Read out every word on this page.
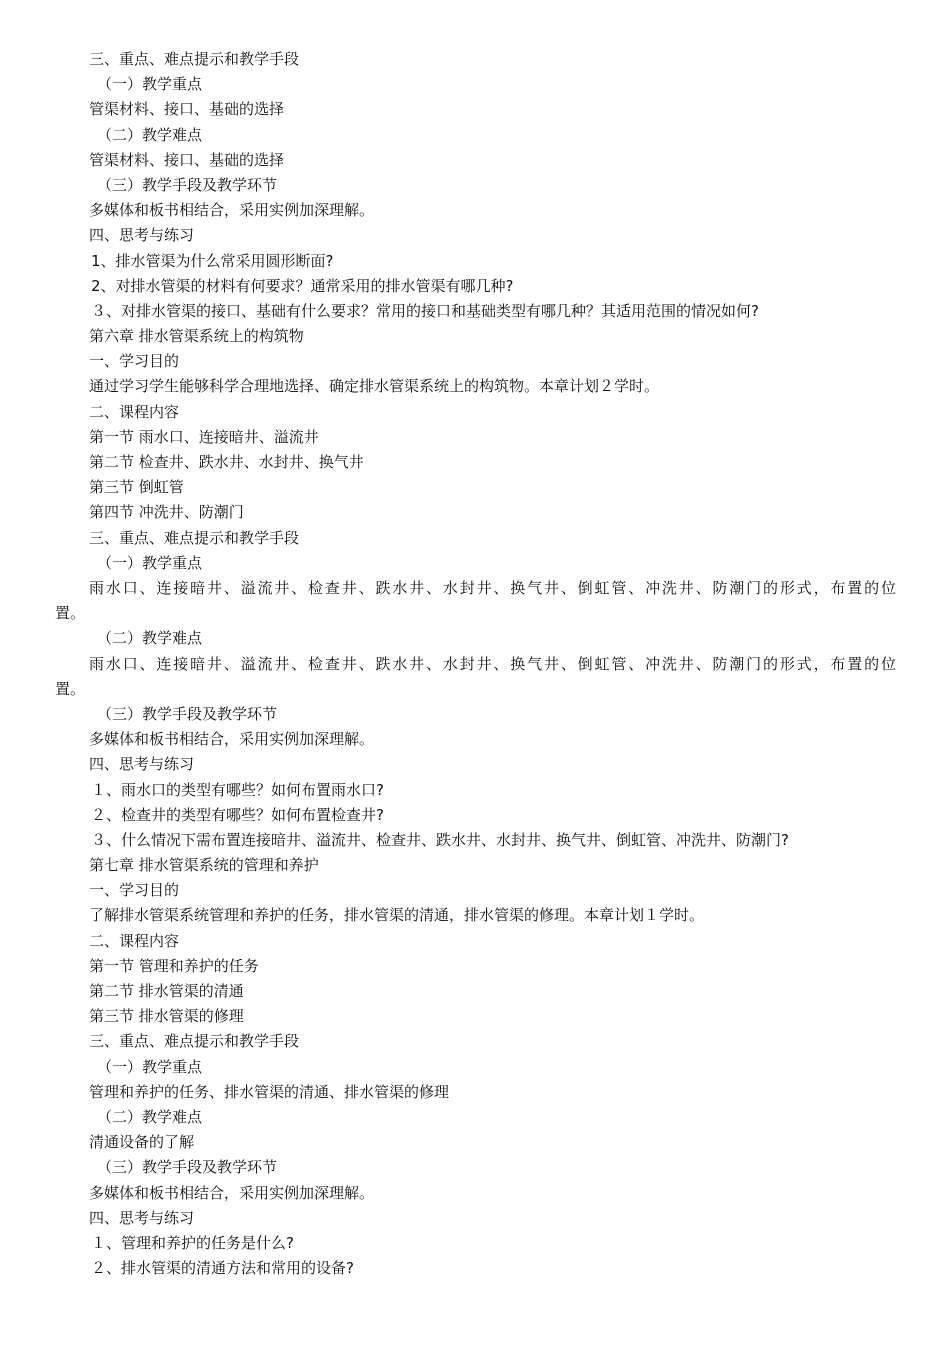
三、重点、难点提示和教学手段
（一）教学重点
管渠材料、接口、基础的选择
（二）教学难点
管渠材料、接口、基础的选择
（三）教学手段及教学环节
多媒体和板书相结合，采用实例加深理解。
四、思考与练习
1、排水管渠为什么常采用圆形断面?
2、对排水管渠的材料有何要求？通常采用的排水管渠有哪几种?
３、对排水管渠的接口、基础有什么要求？常用的接口和基础类型有哪几种？其适用范围的情况如何?
第六章 排水管渠系统上的构筑物
一、学习目的
通过学习学生能够科学合理地选择、确定排水管渠系统上的构筑物。本章计划２学时。
二、课程内容
第一节 雨水口、连接暗井、溢流井
第二节 检查井、跌水井、水封井、换气井
第三节 倒虹管
第四节 冲洗井、防潮门
三、重点、难点提示和教学手段
（一）教学重点
雨水口、连接暗井、溢流井、检查井、跌水井、水封井、换气井、倒虹管、冲洗井、防潮门的形式，布置的位
置。
（二）教学难点
雨水口、连接暗井、溢流井、检查井、跌水井、水封井、换气井、倒虹管、冲洗井、防潮门的形式，布置的位
置。
（三）教学手段及教学环节
多媒体和板书相结合，采用实例加深理解。
四、思考与练习
１、雨水口的类型有哪些？如何布置雨水口?
２、检查井的类型有哪些？如何布置检查井?
３、什么情况下需布置连接暗井、溢流井、检查井、跌水井、水封井、换气井、倒虹管、冲洗井、防潮门?
第七章 排水管渠系统的管理和养护
一、学习目的
了解排水管渠系统管理和养护的任务，排水管渠的清通，排水管渠的修理。本章计划１学时。
二、课程内容
第一节 管理和养护的任务
第二节 排水管渠的清通
第三节 排水管渠的修理
三、重点、难点提示和教学手段
（一）教学重点
管理和养护的任务、排水管渠的清通、排水管渠的修理
（二）教学难点
清通设备的了解
（三）教学手段及教学环节
多媒体和板书相结合，采用实例加深理解。
四、思考与练习
１、管理和养护的任务是什么?
２、排水管渠的清通方法和常用的设备?
